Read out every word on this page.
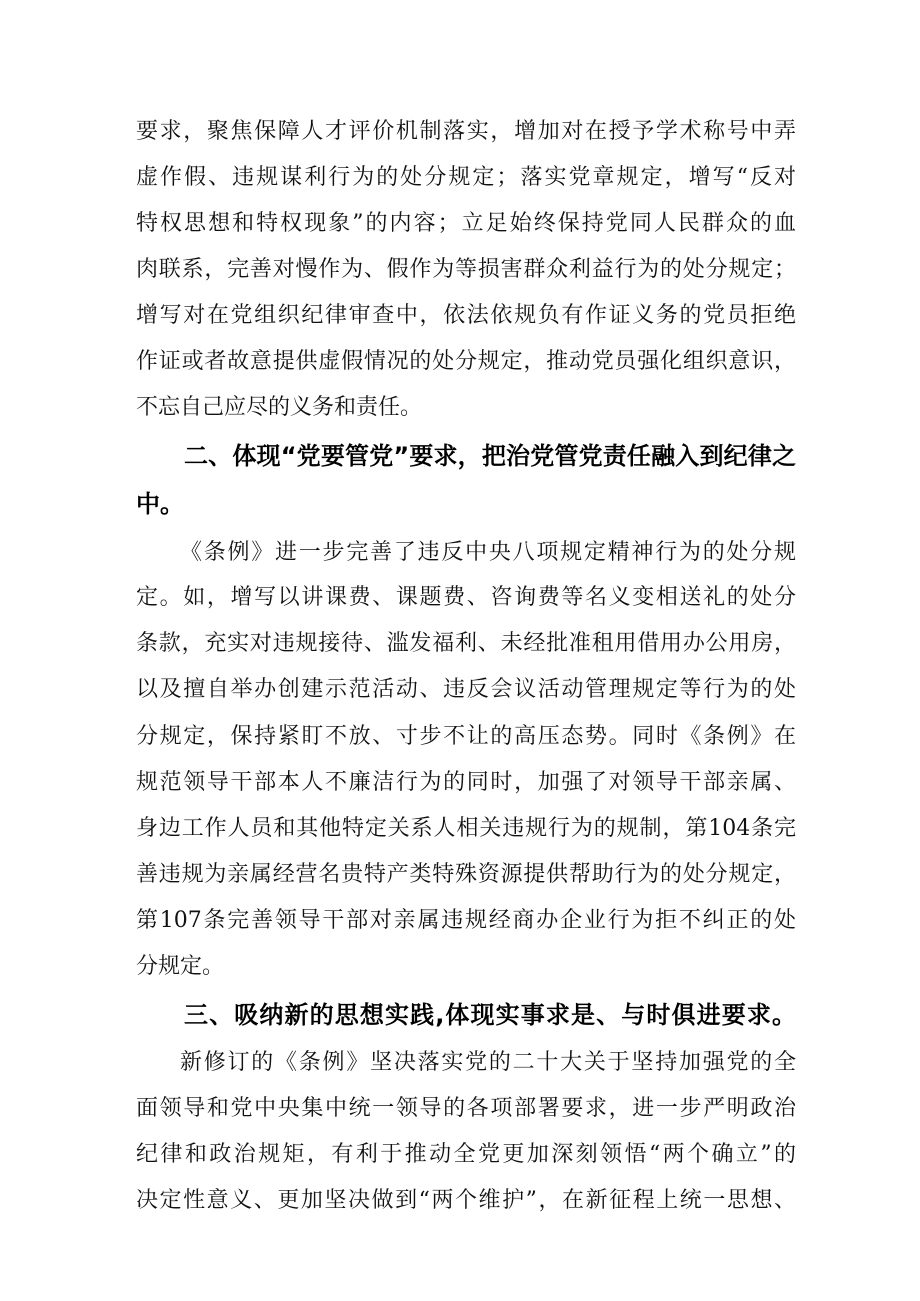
要求，聚焦保障人才评价机制落实，增加对在授予学术称号中弄

虚作假、违规谋利行为的处分规定；落实党章规定，增写“反对

特权思想和特权现象”的内容；立足始终保持党同人民群众的血

肉联系，完善对慢作为、假作为等损害群众利益行为的处分规定；

增写对在党组织纪律审查中，依法依规负有作证义务的党员拒绝

作证或者故意提供虚假情况的处分规定，推动党员强化组织意识，

不忘自己应尽的义务和责任。

二、体现“党要管党”要求，把治党管党责任融入到纪律之
中。

《条例》进一步完善了违反中央八项规定精神行为的处分规

定。如，增写以讲课费、课题费、咨询费等名义变相送礼的处分

条款，充实对违规接待、滥发福利、未经批准租用借用办公用房，

以及擅自举办创建示范活动、违反会议活动管理规定等行为的处

分规定，保持紧盯不放、寸步不让的高压态势。同时《条例》在

规范领导干部本人不廉洁行为的同时，加强了对领导干部亲属、

身边工作人员和其他特定关系人相关违规行为的规制，第104条完

善违规为亲属经营名贵特产类特殊资源提供帮助行为的处分规定，

第107条完善领导干部对亲属违规经商办企业行为拒不纠正的处

分规定。

三、吸纳新的思想实践,体现实事求是、与时俱进要求。

新修订的《条例》坚决落实党的二十大关于坚持加强党的全

面领导和党中央集中统一领导的各项部署要求，进一步严明政治

纪律和政治规矩，有利于推动全党更加深刻领悟“两个确立”的

决定性意义、更加坚决做到“两个维护”，在新征程上统一思想、
